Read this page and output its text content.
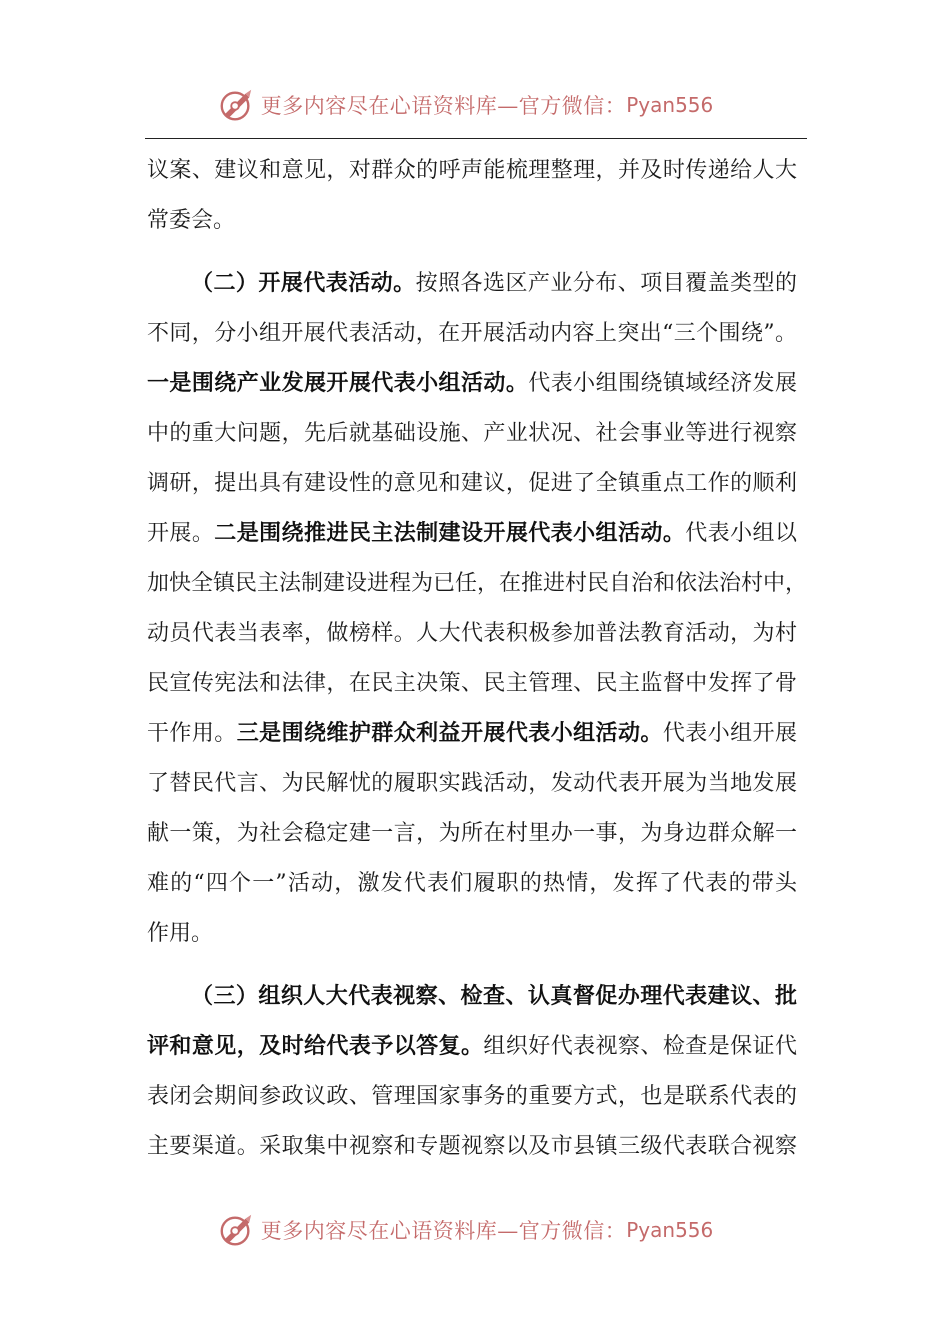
更多内容尽在心语资料库—官方微信： Pyan556
议案、建议和意见，对群众的呼声能梳理整理，并及时传递给人大
常委会。
（二）开展代表活动。按照各选区产业分布、项目覆盖类型的
不同，分小组开展代表活动，在开展活动内容上突出“三个围绕”。
一是围绕产业发展开展代表小组活动。代表小组围绕镇域经济发展
中的重大问题，先后就基础设施、产业状况、社会事业等进行视察
调研，提出具有建设性的意见和建议，促进了全镇重点工作的顺利
开展。二是围绕推进民主法制建设开展代表小组活动。代表小组以
加快全镇民主法制建设进程为已任，在推进村民自治和依法治村中，
动员代表当表率，做榜样。人大代表积极参加普法教育活动，为村
民宣传宪法和法律，在民主决策、民主管理、民主监督中发挥了骨
干作用。三是围绕维护群众利益开展代表小组活动。代表小组开展
了替民代言、为民解忧的履职实践活动，发动代表开展为当地发展
献一策，为社会稳定建一言，为所在村里办一事，为身边群众解一
难的“四个一”活动，激发代表们履职的热情，发挥了代表的带头
作用。
（三）组织人大代表视察、检查、认真督促办理代表建议、批
评和意见，及时给代表予以答复。组织好代表视察、检查是保证代
表闭会期间参政议政、管理国家事务的重要方式，也是联系代表的
主要渠道。采取集中视察和专题视察以及市县镇三级代表联合视察
更多内容尽在心语资料库—官方微信： Pyan556
